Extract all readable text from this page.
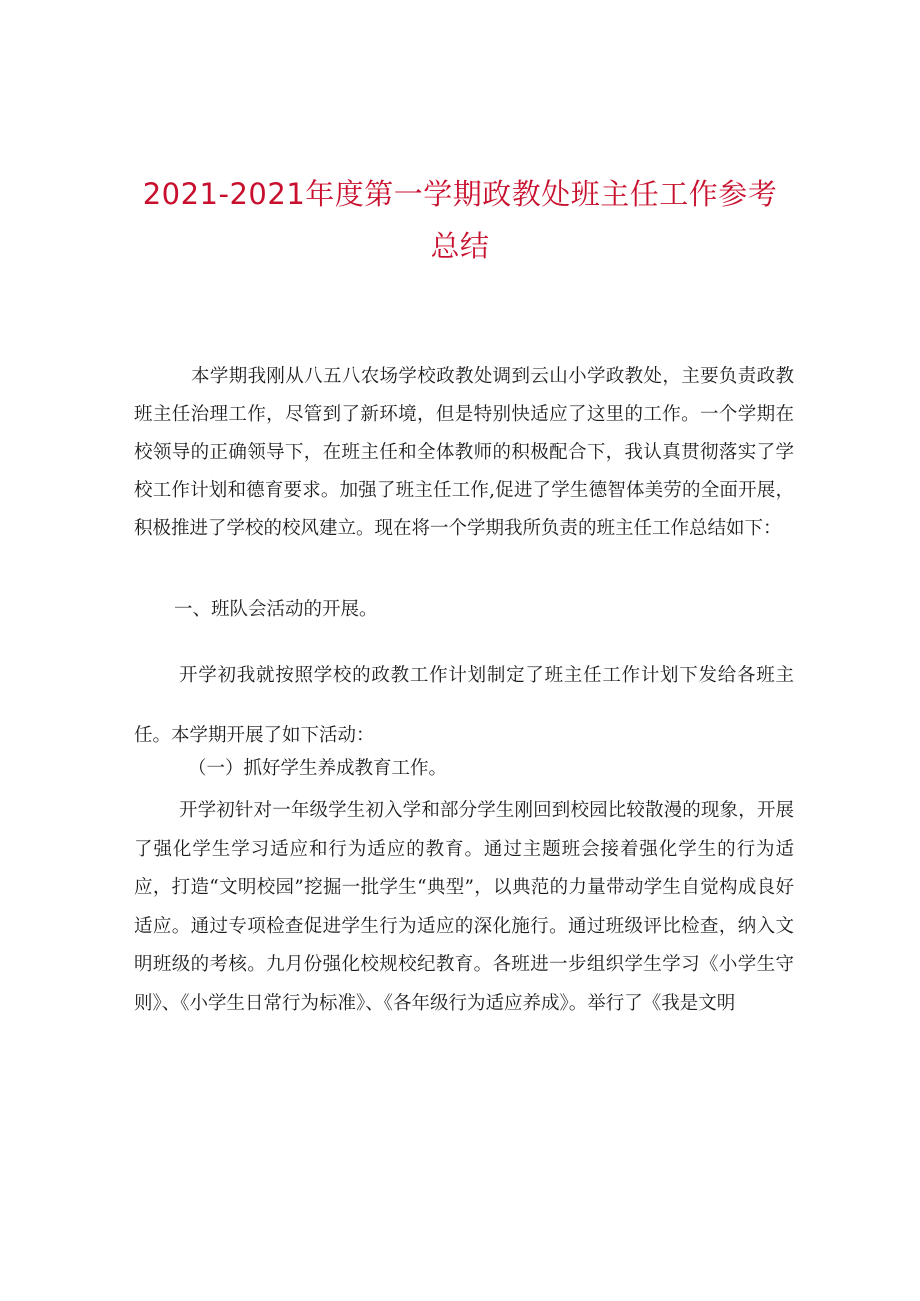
2021-2021年度第一学期政教处班主任工作参考总结

本学期我刚从八五八农场学校政教处调到云山小学政教处，主要负责政教班主任治理工作，尽管到了新环境，但是特别快适应了这里的工作。一个学期在校领导的正确领导下，在班主任和全体教师的积极配合下，我认真贯彻落实了学校工作计划和德育要求。加强了班主任工作,促进了学生德智体美劳的全面开展，积极推进了学校的校风建立。现在将一个学期我所负责的班主任工作总结如下：

一、班队会活动的开展。

开学初我就按照学校的政教工作计划制定了班主任工作计划下发给各班主任。本学期开展了如下活动：

（一）抓好学生养成教育工作。

开学初针对一年级学生初入学和部分学生刚回到校园比较散漫的现象，开展了强化学生学习适应和行为适应的教育。通过主题班会接着强化学生的行为适应，打造“文明校园”挖掘一批学生“典型”，以典范的力量带动学生自觉构成良好适应。通过专项检查促进学生行为适应的深化施行。通过班级评比检查，纳入文明班级的考核。九月份强化校规校纪教育。各班进一步组织学生学习《小学生守则》、《小学生日常行为标准》、《各年级行为适应养成》。举行了《我是文明
